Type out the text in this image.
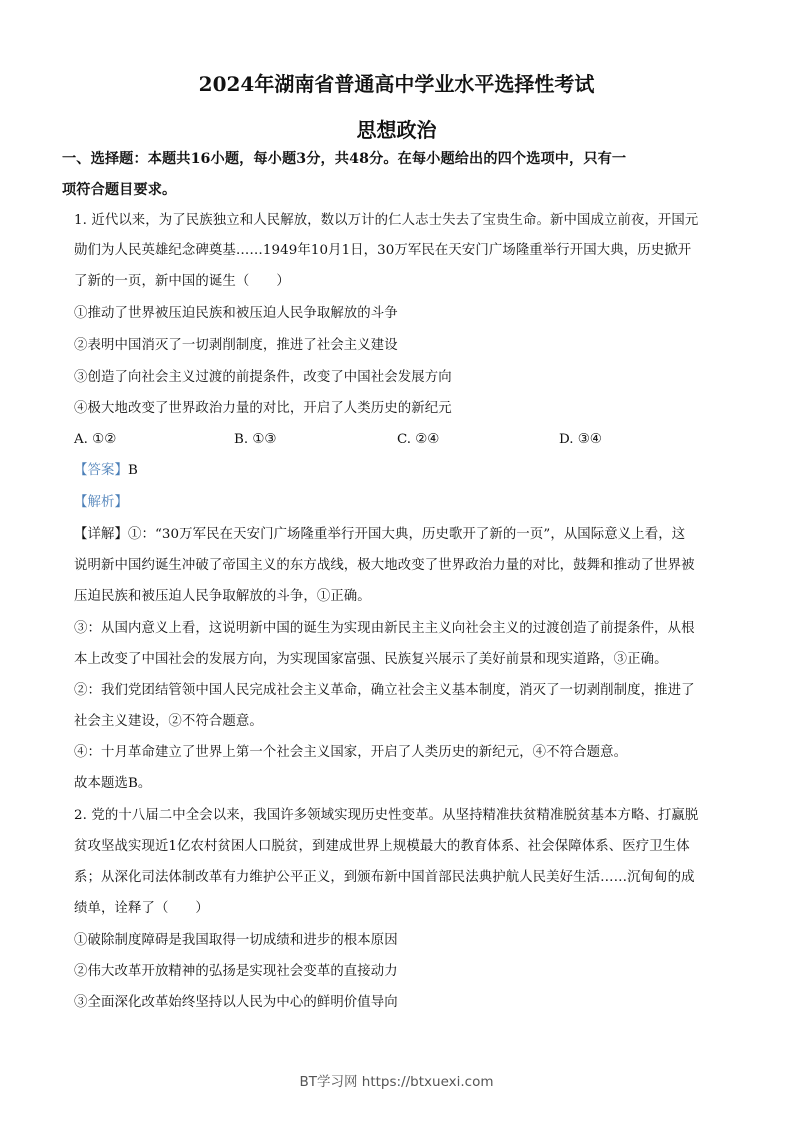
2024年湖南省普通高中学业水平选择性考试
思想政治
一、选择题：本题共16小题，每小题3分，共48分。在每小题给出的四个选项中，只有一
项符合题目要求。
1. 近代以来，为了民族独立和人民解放，数以万计的仁人志士失去了宝贵生命。新中国成立前夜，开国元
勋们为人民英雄纪念碑奠基……1949年10月1日，30万军民在天安门广场隆重举行开国大典，历史掀开
了新的一页，新中国的诞生（　　）
①推动了世界被压迫民族和被压迫人民争取解放的斗争
②表明中国消灭了一切剥削制度，推进了社会主义建设
③创造了向社会主义过渡的前提条件，改变了中国社会发展方向
④极大地改变了世界政治力量的对比，开启了人类历史的新纪元
A. ①②	B. ①③	C. ②④	D. ③④
【答案】B
【解析】
【详解】①：“30万军民在天安门广场隆重举行开国大典，历史歌开了新的一页”，从国际意义上看，这
说明新中国约诞生冲破了帝国主义的东方战线，极大地改变了世界政治力量的对比，鼓舞和推动了世界被
压迫民族和被压迫人民争取解放的斗争，①正确。
③：从国内意义上看，这说明新中国的诞生为实现由新民主主义向社会主义的过渡创造了前提条件，从根
本上改变了中国社会的发展方向，为实现国家富强、民族复兴展示了美好前景和现实道路，③正确。
②：我们党团结管领中国人民完成社会主义革命，确立社会主义基本制度，消灭了一切剥削制度，推进了
社会主义建设，②不符合题意。
④：十月革命建立了世界上第一个社会主义国家，开启了人类历史的新纪元，④不符合题意。
故本题选B。
2. 党的十八届二中全会以来，我国许多领域实现历史性变革。从坚持精准扶贫精准脱贫基本方略、打赢脱
贫攻坚战实现近1亿农村贫困人口脱贫，到建成世界上规模最大的教育体系、社会保障体系、医疗卫生体
系；从深化司法体制改革有力维护公平正义，到颁布新中国首部民法典护航人民美好生活……沉甸甸的成
绩单，诠释了（　　）
①破除制度障碍是我国取得一切成绩和进步的根本原因
②伟大改革开放精神的弘扬是实现社会变革的直接动力
③全面深化改革始终坚持以人民为中心的鲜明价值导向
BT学习网 https://btxuexi.com
